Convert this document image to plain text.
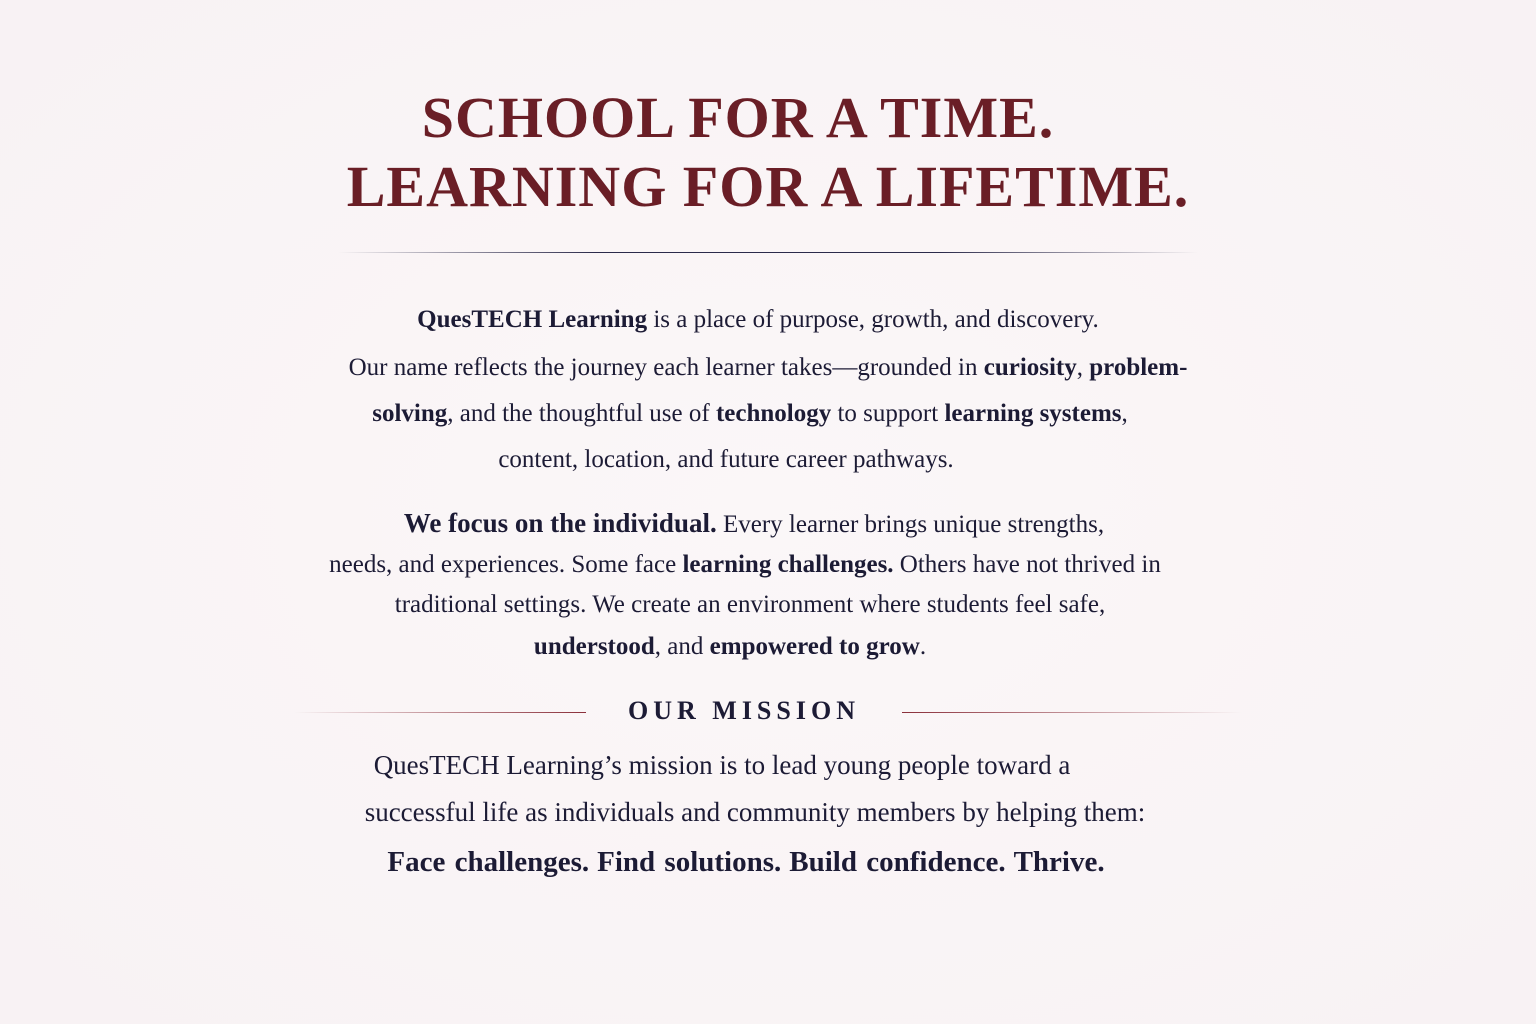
SCHOOL FOR A TIME.
LEARNING FOR A LIFETIME.

QuesTECH Learning is a place of purpose, growth, and discovery.

Our name reflects the journey each learner takes—grounded in curiosity, problem-

solving, and the thoughtful use of technology to support learning systems,

content, location, and future career pathways.

We focus on the individual. Every learner brings unique strengths,

needs, and experiences. Some face learning challenges. Others have not thrived in

traditional settings. We create an environment where students feel safe,

understood, and empowered to grow.

OUR MISSION

QuesTECH Learning’s mission is to lead young people toward a

successful life as individuals and community members by helping them:

Face challenges. Find solutions. Build confidence. Thrive.
